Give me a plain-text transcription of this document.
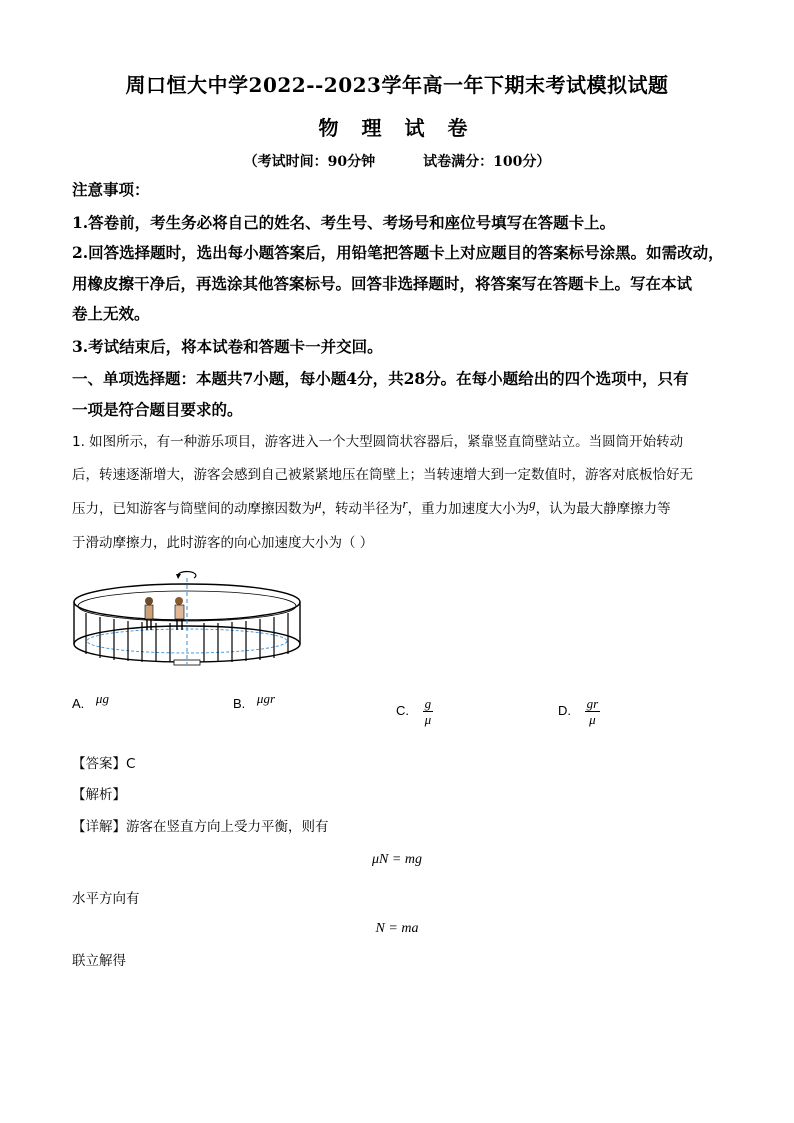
周口恒大中学2022--2023学年高一年下期末考试模拟试题
物 理 试 卷
（考试时间：90分钟	试卷满分：100分）
注意事项：
1.答卷前，考生务必将自己的姓名、考生号、考场号和座位号填写在答题卡上。
2.回答选择题时，选出每小题答案后，用铅笔把答题卡上对应题目的答案标号涂黑。如需改动，
用橡皮擦干净后，再选涂其他答案标号。回答非选择题时，将答案写在答题卡上。写在本试
卷上无效。
3.考试结束后，将本试卷和答题卡一并交回。
一、单项选择题：本题共7小题，每小题4分，共28分。在每小题给出的四个选项中，只有
一项是符合题目要求的。
1. 如图所示，有一种游乐项目，游客进入一个大型圆筒状容器后，紧靠竖直筒壁站立。当圆筒开始转动
后，转速逐渐增大，游客会感到自己被紧紧地压在筒壁上；当转速增大到一定数值时，游客对底板恰好无
压力，已知游客与筒壁间的动摩擦因数为μ，转动半径为r，重力加速度大小为g，认为最大静摩擦力等
于滑动摩擦力，此时游客的向心加速度大小为（ ）
A. μg	B. μgr
C. $\frac{g}{\mu}$	D. $\frac{gr}{\mu}$
【答案】C
【解析】
【详解】游客在竖直方向上受力平衡，则有
μN = mg
水平方向有
N = ma
联立解得
